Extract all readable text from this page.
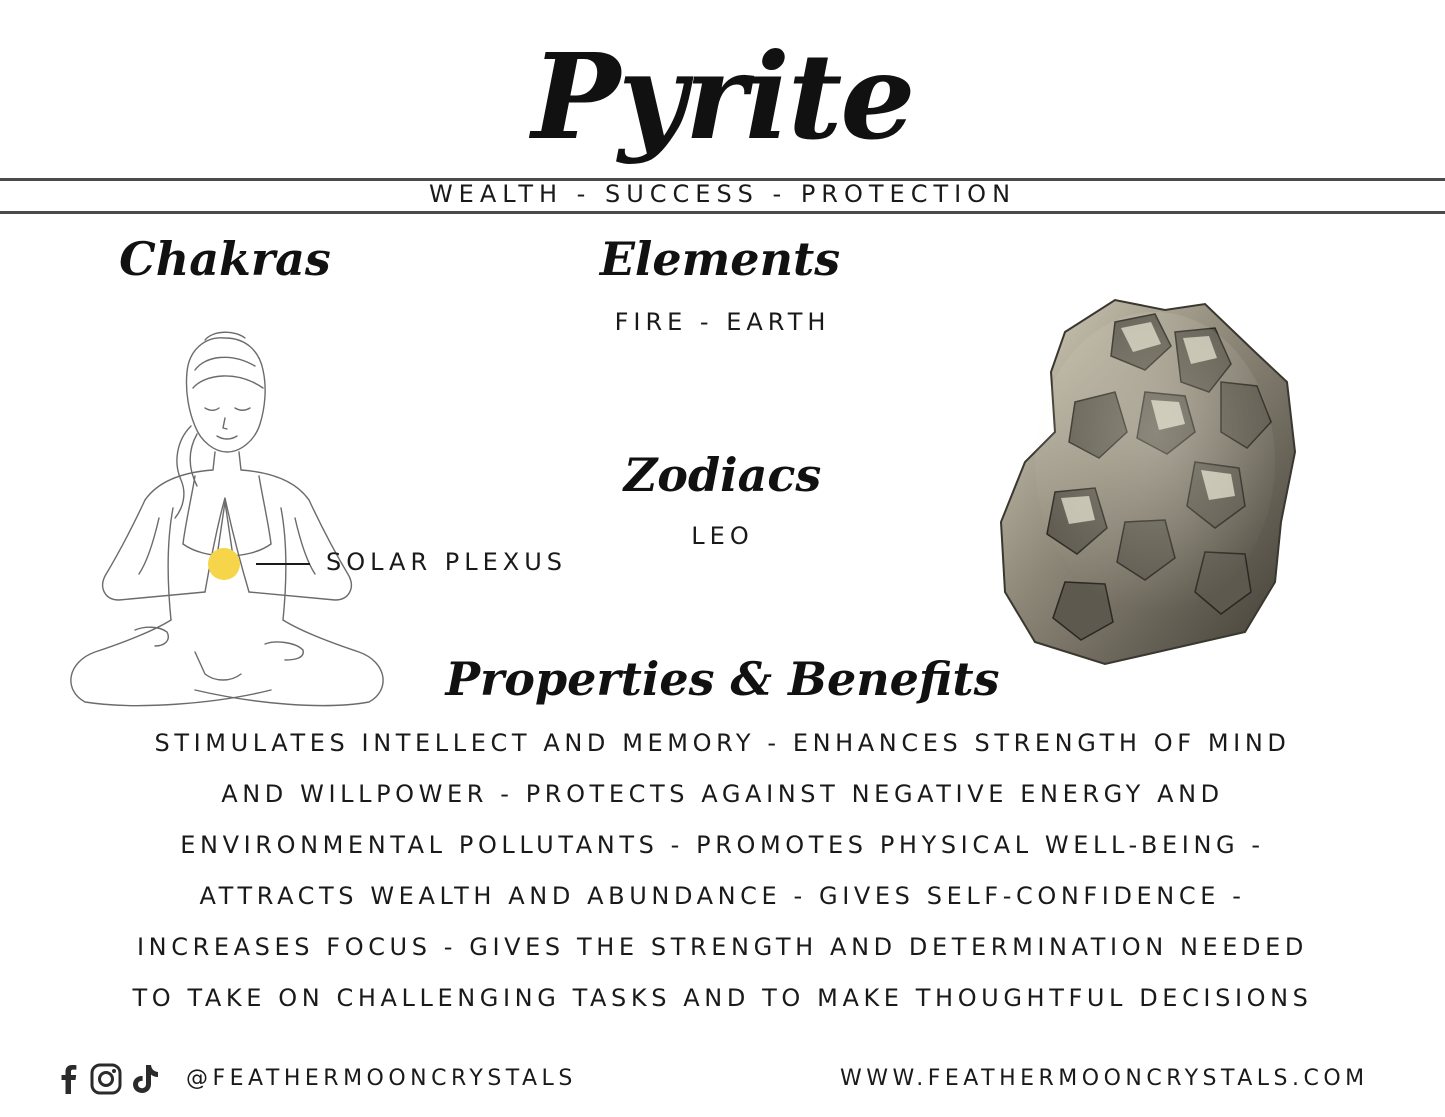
Pyrite
WEALTH - SUCCESS - PROTECTION
Chakras	Elements
FIRE - EARTH
Zodiacs
LEO
SOLAR PLEXUS
Properties & Benefits
STIMULATES INTELLECT AND MEMORY - ENHANCES STRENGTH OF MIND
AND WILLPOWER - PROTECTS AGAINST NEGATIVE ENERGY AND
ENVIRONMENTAL POLLUTANTS - PROMOTES PHYSICAL WELL-BEING -
ATTRACTS WEALTH AND ABUNDANCE - GIVES SELF-CONFIDENCE -
INCREASES FOCUS - GIVES THE STRENGTH AND DETERMINATION NEEDED
TO TAKE ON CHALLENGING TASKS AND TO MAKE THOUGHTFUL DECISIONS
@FEATHERMOONCRYSTALS	WWW.FEATHERMOONCRYSTALS.COM
